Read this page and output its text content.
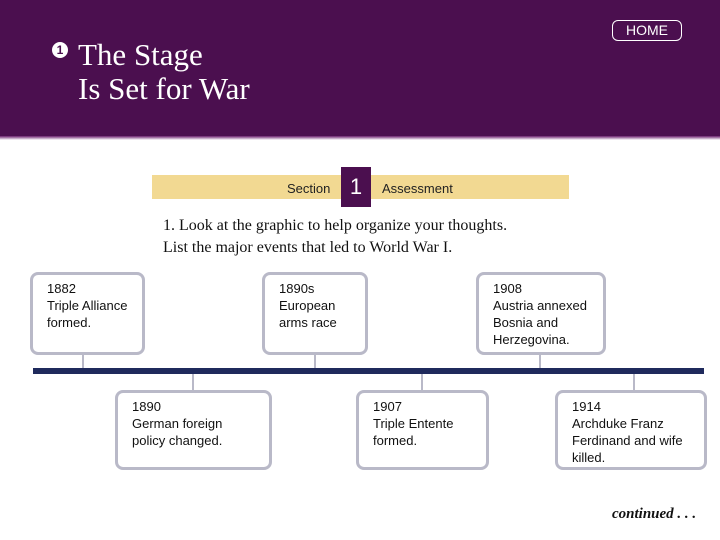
1 The Stage
Is Set for War
HOME
Section 1	Assessment

1. Look at the graphic to help organize your thoughts.
List the major events that led to World War I.

1882
Triple Alliance
formed.
1890s
European
arms race
1908
Austria annexed
Bosnia and
Herzegovina.
1890
German foreign
policy changed.
1907
Triple Entente
formed.
1914
Archduke Franz
Ferdinand and wife
killed.
continued . . .
